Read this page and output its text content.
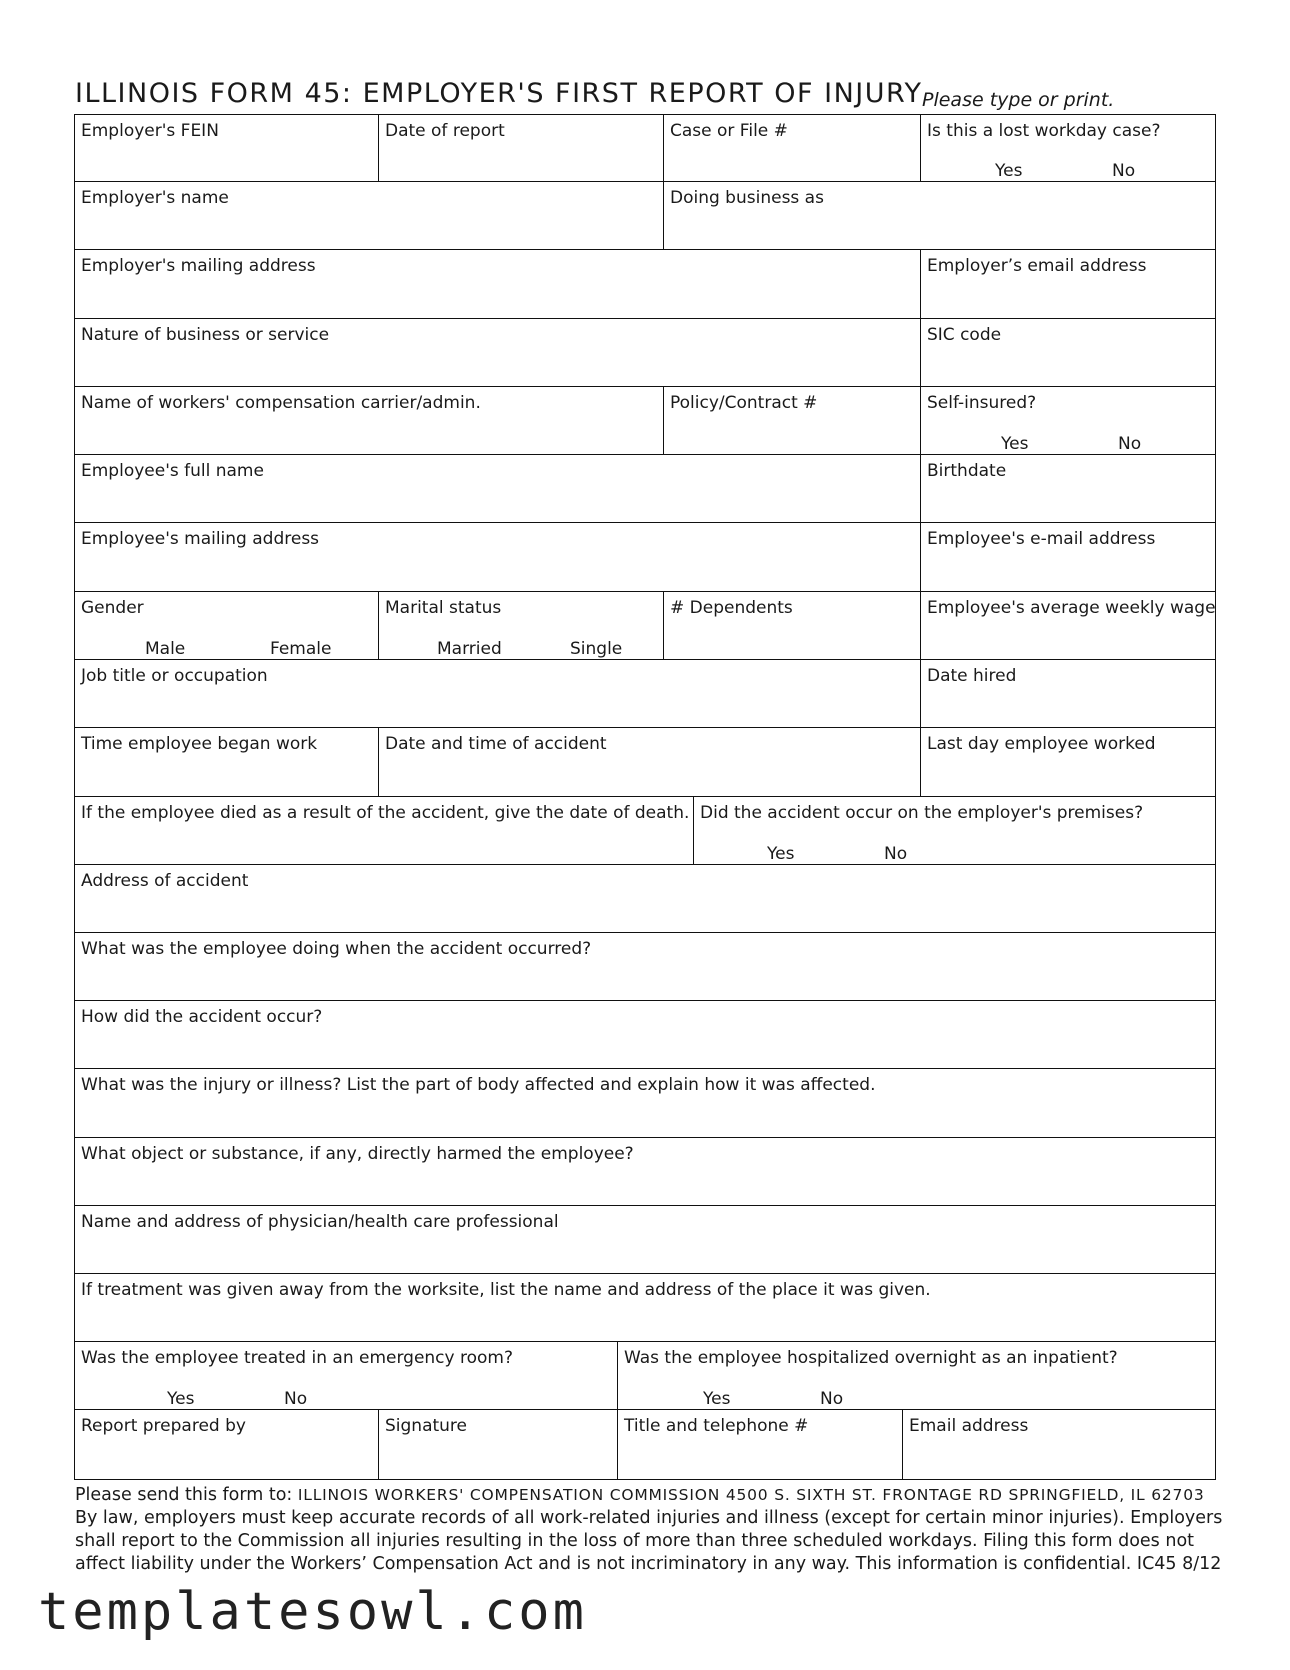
ILLINOIS FORM 45: EMPLOYER'S FIRST REPORT OF INJURY Please type or print.
Employer's FEIN	Date of report	Case or File #	Is this a lost workday case?
Yes	No
Employer's name	Doing business as
Employer's mailing address	Employer’s email address
Nature of business or service	SIC code
Name of workers' compensation carrier/admin.	Policy/Contract #	Self-insured?
Yes	No
Employee's full name	Birthdate
Employee's mailing address	Employee's e-mail address
Gender
Male	Female
Marital status
Married	Single
# Dependents	Employee's average weekly wage
Job title or occupation	Date hired
Time employee began work	Date and time of accident	Last day employee worked
If the employee died as a result of the accident, give the date of death. Did the accident occur on the employer's premises?
Yes	No
Address of accident
What was the employee doing when the accident occurred?
How did the accident occur?
What was the injury or illness? List the part of body affected and explain how it was affected.
What object or substance, if any, directly harmed the employee?
Name and address of physician/health care professional
If treatment was given away from the worksite, list the name and address of the place it was given.
Was the employee treated in an emergency room?
Yes	No
Was the employee hospitalized overnight as an inpatient?
Yes	No
Report prepared by	Signature	Title and telephone #	Email address
Please send this form to: ILLINOIS WORKERS' COMPENSATION COMMISSION 4500 S. SIXTH ST. FRONTAGE RD SPRINGFIELD, IL 62703
By law, employers must keep accurate records of all work-related injuries and illness (except for certain minor injuries). Employers shall report to the Commission all injuries resulting in the loss of more than three scheduled workdays. Filing this form does not affect liability under the Workers’ Compensation Act and is not incriminatory in any way. This information is confidential. IC45 8/12
templatesowl.com
